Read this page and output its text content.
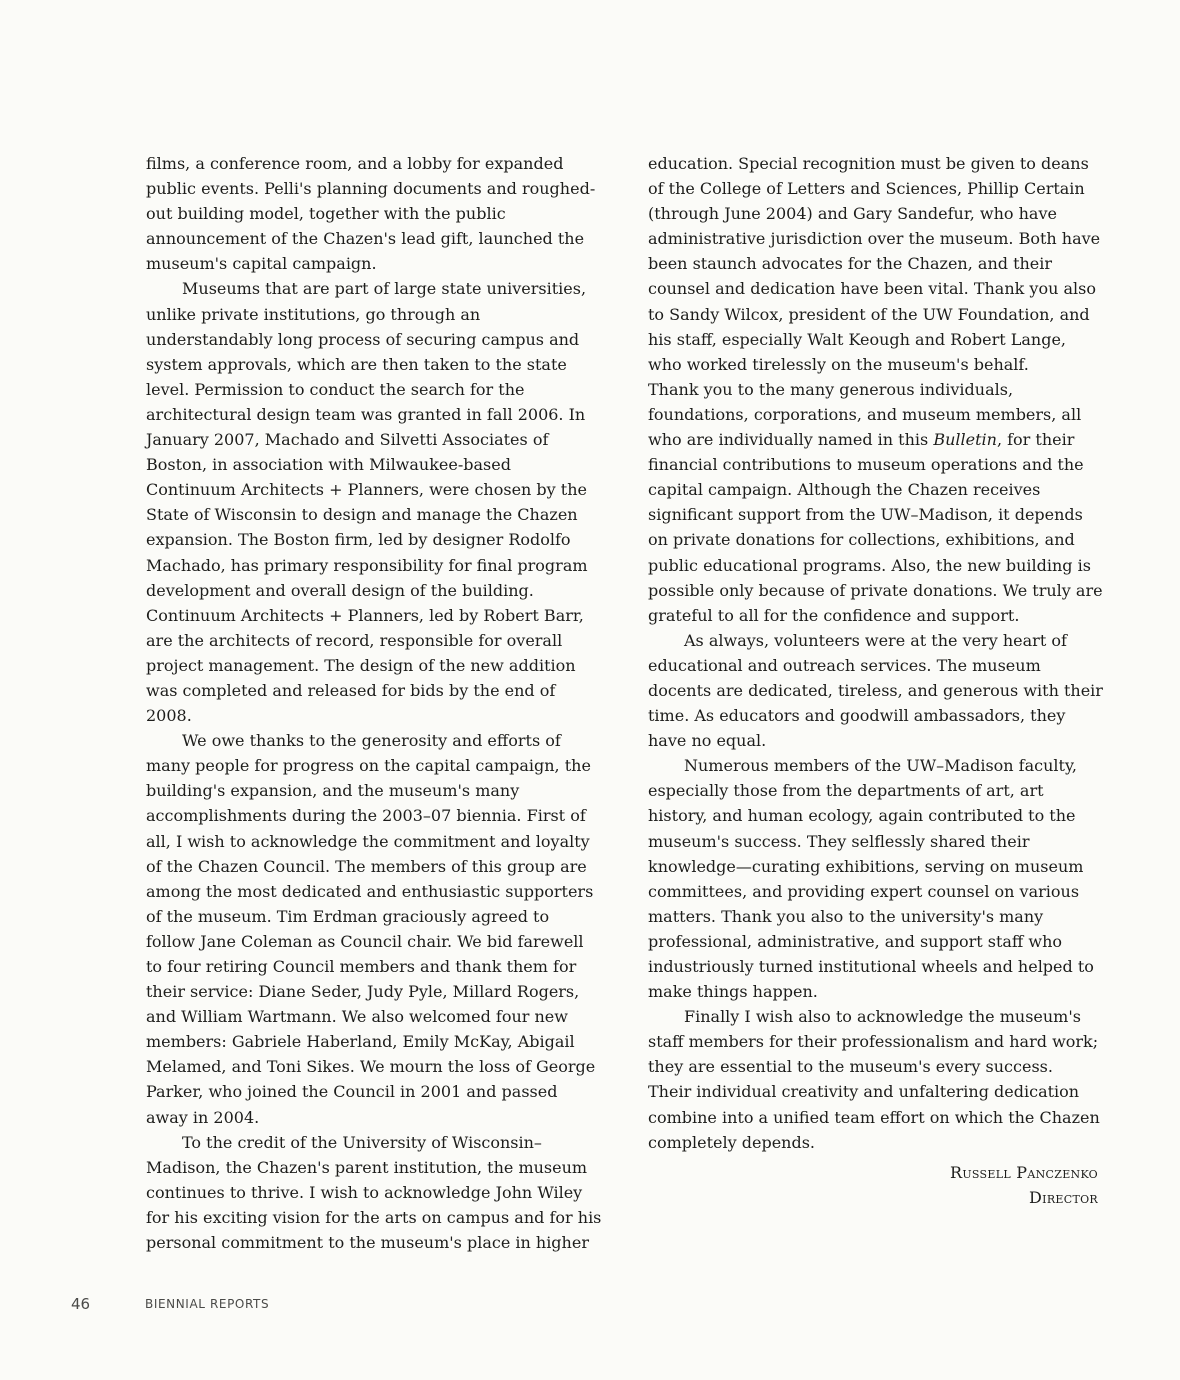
films, a conference room, and a lobby for expanded public events. Pelli's planning documents and roughed-out building model, together with the public announcement of the Chazen's lead gift, launched the museum's capital campaign.

Museums that are part of large state universities, unlike private institutions, go through an understandably long process of securing campus and system approvals, which are then taken to the state level. Permission to conduct the search for the architectural design team was granted in fall 2006. In January 2007, Machado and Silvetti Associates of Boston, in association with Milwaukee-based Continuum Architects + Planners, were chosen by the State of Wisconsin to design and manage the Chazen expansion. The Boston firm, led by designer Rodolfo Machado, has primary responsibility for final program development and overall design of the building. Continuum Architects + Planners, led by Robert Barr, are the architects of record, responsible for overall project management. The design of the new addition was completed and released for bids by the end of 2008.

We owe thanks to the generosity and efforts of many people for progress on the capital campaign, the building's expansion, and the museum's many accomplishments during the 2003–07 biennia. First of all, I wish to acknowledge the commitment and loyalty of the Chazen Council. The members of this group are among the most dedicated and enthusiastic supporters of the museum. Tim Erdman graciously agreed to follow Jane Coleman as Council chair. We bid farewell to four retiring Council members and thank them for their service: Diane Seder, Judy Pyle, Millard Rogers, and William Wartmann. We also welcomed four new members: Gabriele Haberland, Emily McKay, Abigail Melamed, and Toni Sikes. We mourn the loss of George Parker, who joined the Council in 2001 and passed away in 2004.

To the credit of the University of Wisconsin–Madison, the Chazen's parent institution, the museum continues to thrive. I wish to acknowledge John Wiley for his exciting vision for the arts on campus and for his personal commitment to the museum's place in higher

education. Special recognition must be given to deans of the College of Letters and Sciences, Phillip Certain (through June 2004) and Gary Sandefur, who have administrative jurisdiction over the museum. Both have been staunch advocates for the Chazen, and their counsel and dedication have been vital. Thank you also to Sandy Wilcox, president of the UW Foundation, and his staff, especially Walt Keough and Robert Lange, who worked tirelessly on the museum's behalf.

Thank you to the many generous individuals, foundations, corporations, and museum members, all who are individually named in this Bulletin, for their financial contributions to museum operations and the capital campaign. Although the Chazen receives significant support from the UW–Madison, it depends on private donations for collections, exhibitions, and public educational programs. Also, the new building is possible only because of private donations. We truly are grateful to all for the confidence and support.

As always, volunteers were at the very heart of educational and outreach services. The museum docents are dedicated, tireless, and generous with their time. As educators and goodwill ambassadors, they have no equal.

Numerous members of the UW–Madison faculty, especially those from the departments of art, art history, and human ecology, again contributed to the museum's success. They selflessly shared their knowledge—curating exhibitions, serving on museum committees, and providing expert counsel on various matters. Thank you also to the university's many professional, administrative, and support staff who industriously turned institutional wheels and helped to make things happen.

Finally I wish also to acknowledge the museum's staff members for their professionalism and hard work; they are essential to the museum's every success.

Their individual creativity and unfaltering dedication combine into a unified team effort on which the Chazen completely depends.

Russell Panczenko
Director
46	BIENNIAL REPORTS
